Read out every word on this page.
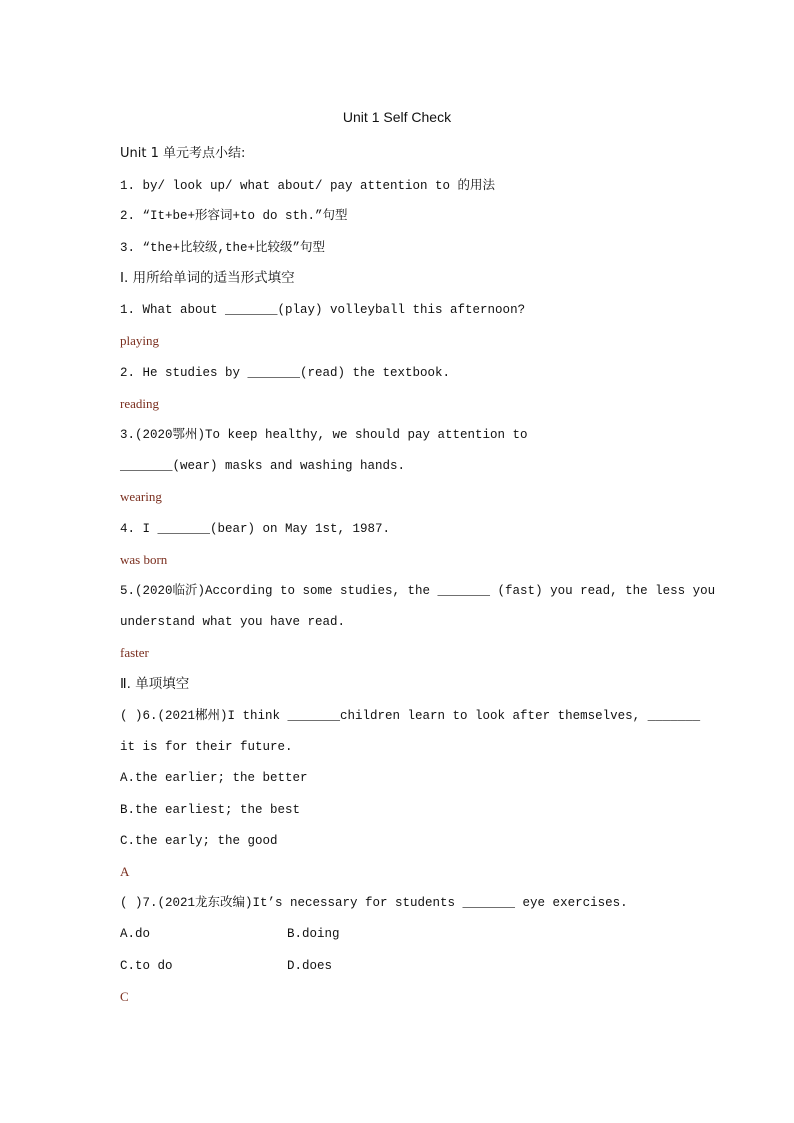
Unit 1 Self Check
Unit 1 单元考点小结:
1. by/ look up/ what about/ pay attention to 的用法
2. “It+be+形容词+to do sth.”句型
3. “the+比较级,the+比较级”句型
Ⅰ. 用所给单词的适当形式填空
1. What about _______(play) volleyball this afternoon?
playing
2. He studies by _______(read) the textbook.
reading
3.(2020鄂州)To keep healthy, we should pay attention to
_______(wear) masks and washing hands.
wearing
4. I _______(bear) on May 1st, 1987.
was born
5.(2020临沂)According to some studies, the _______ (fast) you read, the less you
understand what you have read.
faster
Ⅱ. 单项填空
( )6.(2021郴州)I think _______children learn to look after themselves, _______
it is for their future.
A.the earlier; the better
B.the earliest; the best
C.the early; the good
A
( )7.(2021龙东改编)It’s necessary for students _______ eye exercises.
A.do	B.doing
C.to do	D.does
C
